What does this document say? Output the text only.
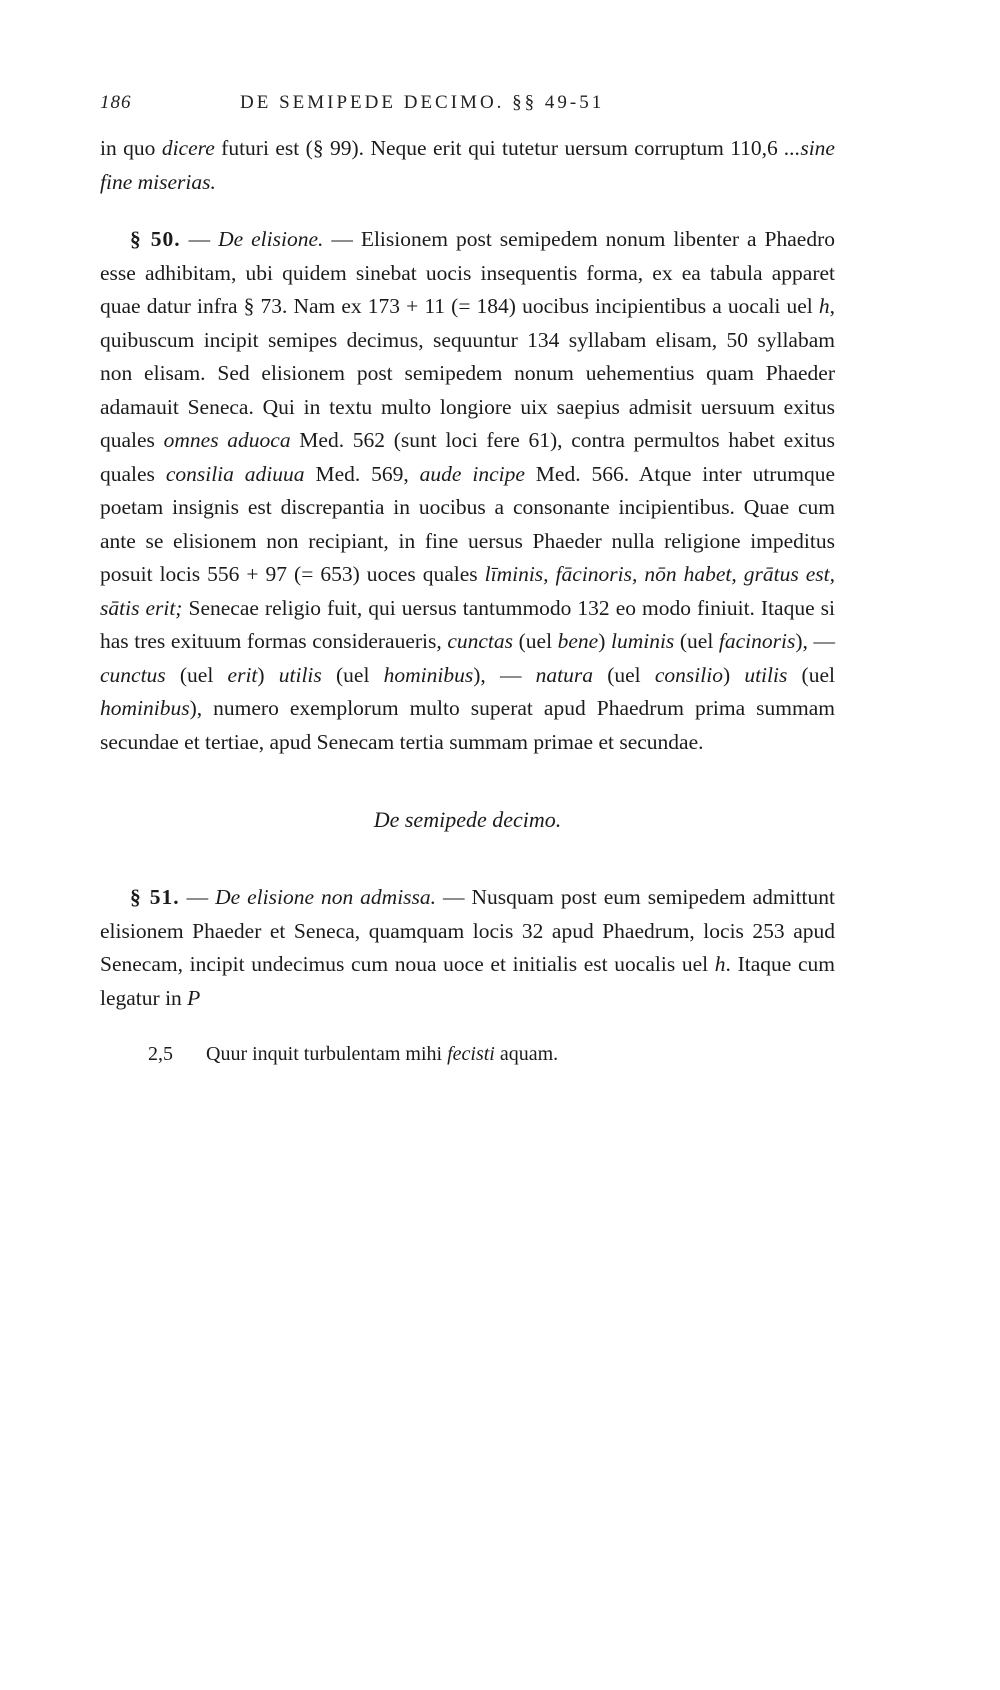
186	DE SEMIPEDE DECIMO. §§ 49-51

in quo dicere futuri est (§ 99). Neque erit qui tutetur uersum corruptum 110,6 ...sine fine miserias.

§ 50. — De elisione. — Elisionem post semipedem nonum libenter a Phaedro esse adhibitam, ubi quidem sinebat uocis insequentis forma, ex ea tabula apparet quae datur infra § 73. Nam ex 173 + 11 (= 184) uocibus incipientibus a uocali uel h, quibuscum incipit semipes decimus, sequuntur 134 syllabam elisam, 50 syllabam non elisam. Sed elisionem post semipedem nonum uehementius quam Phaeder adamauit Seneca. Qui in textu multo longiore uix saepius admisit uersuum exitus quales omnes aduoca Med. 562 (sunt loci fere 61), contra permultos habet exitus quales consilia adiuua Med. 569, aude incipe Med. 566. Atque inter utrumque poetam insignis est discrepantia in uocibus a consonante incipientibus. Quae cum ante se elisionem non recipiant, in fine uersus Phaeder nulla religione impeditus posuit locis 556 + 97 (= 653) uoces quales līminis, fācinoris, nōn habet, grātus est, sātis erit; Senecae religio fuit, qui uersus tantummodo 132 eo modo finiuit. Itaque si has tres exituum formas consideraueris, cunctas (uel bene) luminis (uel facinoris), — cunctus (uel erit) utilis (uel hominibus), — natura (uel consilio) utilis (uel hominibus), numero exemplorum multo superat apud Phaedrum prima summam secundae et tertiae, apud Senecam tertia summam primae et secundae.

De semipede decimo.

§ 51. — De elisione non admissa. — Nusquam post eum semipedem admittunt elisionem Phaeder et Seneca, quamquam locis 32 apud Phaedrum, locis 253 apud Senecam, incipit undecimus cum noua uoce et initialis est uocalis uel h. Itaque cum legatur in P

2,5 Quur inquit turbulentam mihi fecisti aquam.
